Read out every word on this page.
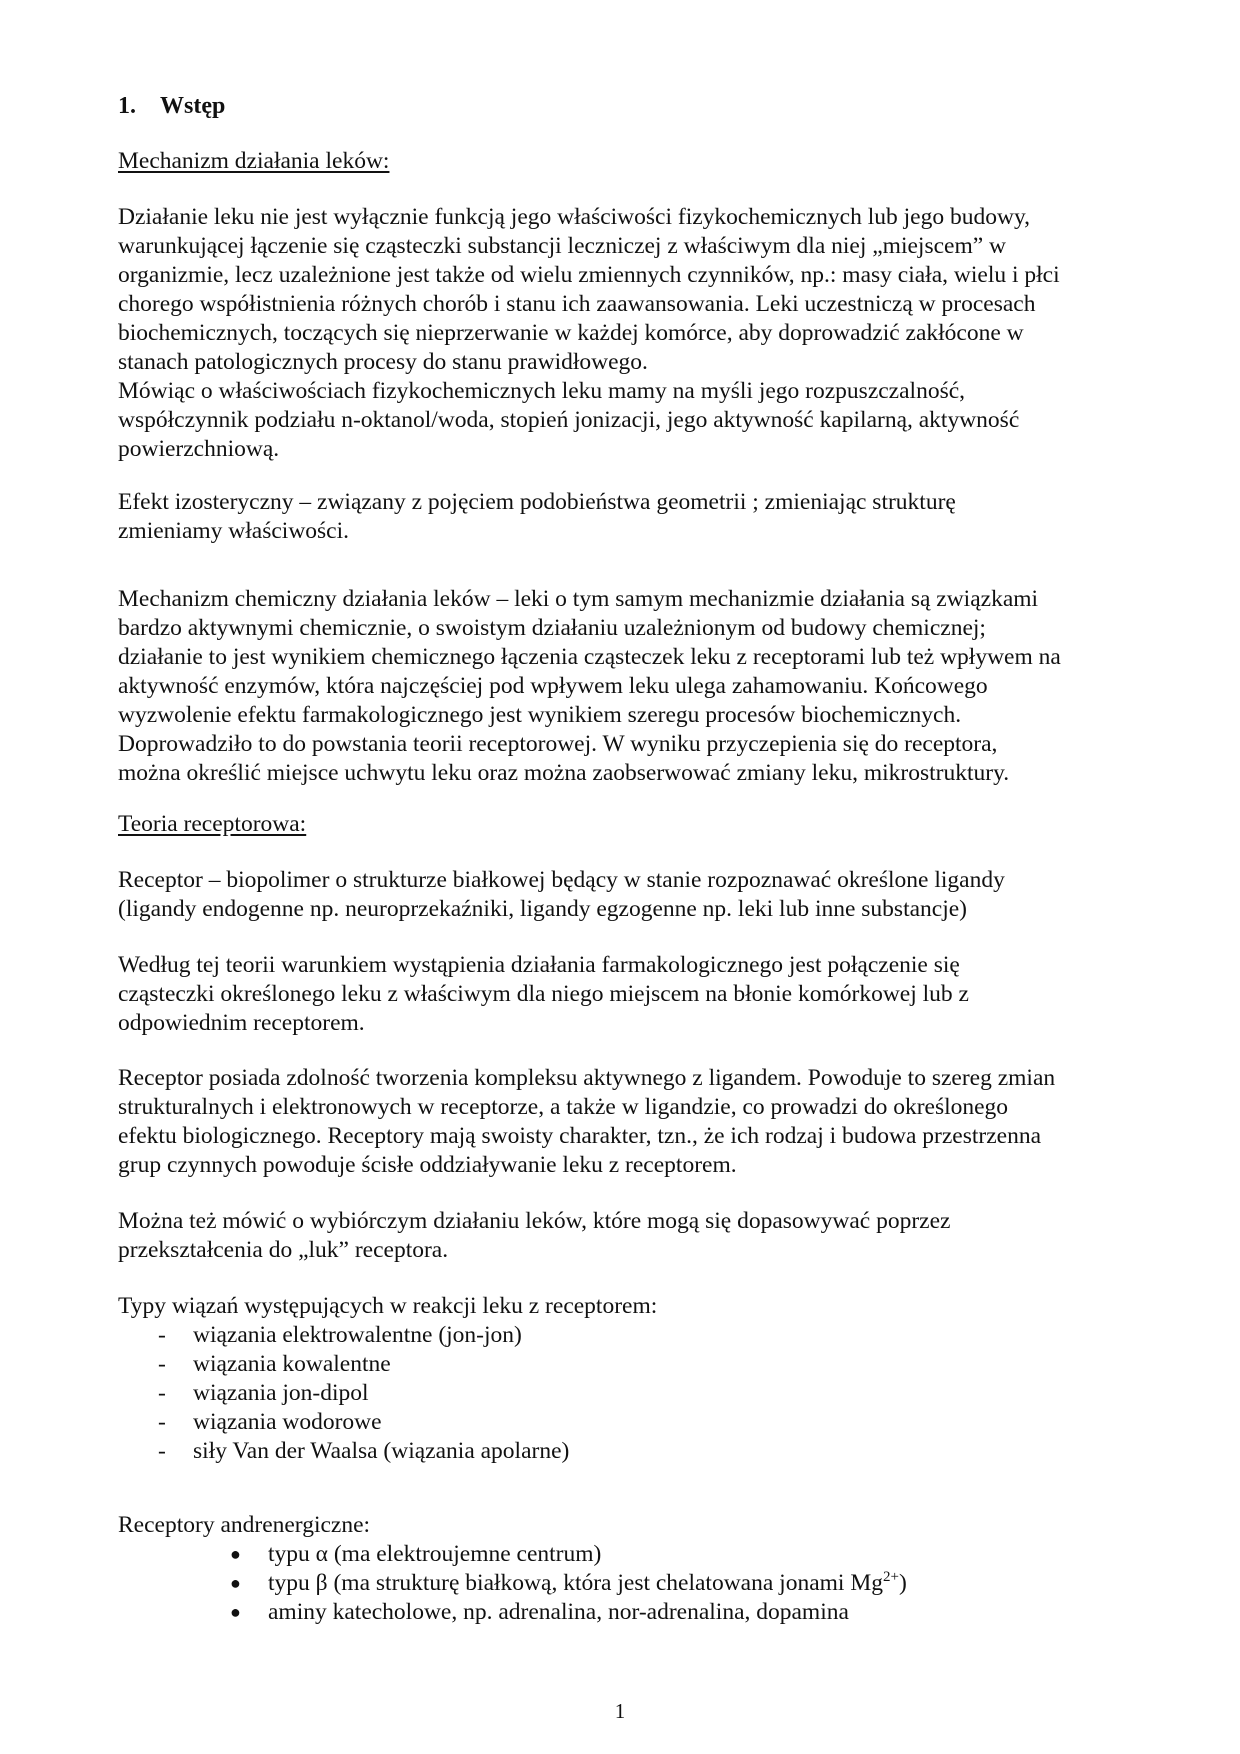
1. Wstęp

Mechanizm działania leków:

Działanie leku nie jest wyłącznie funkcją jego właściwości fizykochemicznych lub jego budowy,

warunkującej łączenie się cząsteczki substancji leczniczej z właściwym dla niej „miejscem” w

organizmie, lecz uzależnione jest także od wielu zmiennych czynników, np.: masy ciała, wielu i płci

chorego współistnienia różnych chorób i stanu ich zaawansowania. Leki uczestniczą w procesach

biochemicznych, toczących się nieprzerwanie w każdej komórce, aby doprowadzić zakłócone w

stanach patologicznych procesy do stanu prawidłowego.

Mówiąc o właściwościach fizykochemicznych leku mamy na myśli jego rozpuszczalność,

współczynnik podziału n-oktanol/woda, stopień jonizacji, jego aktywność kapilarną, aktywność

powierzchniową.

Efekt izosteryczny – związany z pojęciem podobieństwa geometrii ; zmieniając strukturę

zmieniamy właściwości.

Mechanizm chemiczny działania leków – leki o tym samym mechanizmie działania są związkami

bardzo aktywnymi chemicznie, o swoistym działaniu uzależnionym od budowy chemicznej;

działanie to jest wynikiem chemicznego łączenia cząsteczek leku z receptorami lub też wpływem na

aktywność enzymów, która najczęściej pod wpływem leku ulega zahamowaniu. Końcowego

wyzwolenie efektu farmakologicznego jest wynikiem szeregu procesów biochemicznych.

Doprowadziło to do powstania teorii receptorowej. W wyniku przyczepienia się do receptora,

można określić miejsce uchwytu leku oraz można zaobserwować zmiany leku, mikrostruktury.

Teoria receptorowa:

Receptor – biopolimer o strukturze białkowej będący w stanie rozpoznawać określone ligandy

(ligandy endogenne np. neuroprzekaźniki, ligandy egzogenne np. leki lub inne substancje)

Według tej teorii warunkiem wystąpienia działania farmakologicznego jest połączenie się

cząsteczki określonego leku z właściwym dla niego miejscem na błonie komórkowej lub z

odpowiednim receptorem.

Receptor posiada zdolność tworzenia kompleksu aktywnego z ligandem. Powoduje to szereg zmian

strukturalnych i elektronowych w receptorze, a także w ligandzie, co prowadzi do określonego

efektu biologicznego. Receptory mają swoisty charakter, tzn., że ich rodzaj i budowa przestrzenna

grup czynnych powoduje ścisłe oddziaływanie leku z receptorem.

Można też mówić o wybiórczym działaniu leków, które mogą się dopasowywać poprzez

przekształcenia do „luk” receptora.

Typy wiązań występujących w reakcji leku z receptorem:

- wiązania elektrowalentne (jon-jon)
- wiązania kowalentne
- wiązania jon-dipol
- wiązania wodorowe
- siły Van der Waalsa (wiązania apolarne)

Receptory andrenergiczne:

● typu α (ma elektroujemne centrum)
● typu β (ma strukturę białkową, która jest chelatowana jonami $Mg^{2+}$)
● aminy katecholowe, np. adrenalina, nor-adrenalina, dopamina
1
